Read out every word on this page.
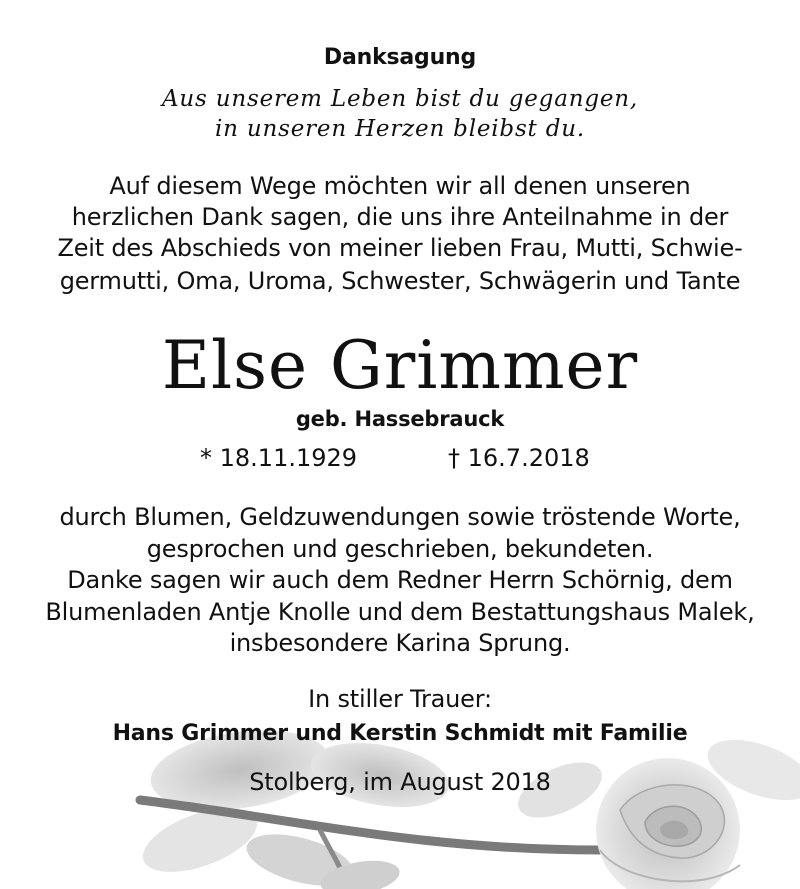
Danksagung
Aus unserem Leben bist du gegangen,
in unseren Herzen bleibst du.
Auf diesem Wege möchten wir all denen unseren
herzlichen Dank sagen, die uns ihre Anteilnahme in der
Zeit des Abschieds von meiner lieben Frau, Mutti, Schwie-
germutti, Oma, Uroma, Schwester, Schwägerin und Tante
Else Grimmer
geb. Hassebrauck
* 18.11.1929	† 16.7.2018
durch Blumen, Geldzuwendungen sowie tröstende Worte,
gesprochen und geschrieben, bekundeten.
Danke sagen wir auch dem Redner Herrn Schörnig, dem
Blumenladen Antje Knolle und dem Bestattungshaus Malek,
insbesondere Karina Sprung.
In stiller Trauer:
Hans Grimmer und Kerstin Schmidt mit Familie
Stolberg, im August 2018
